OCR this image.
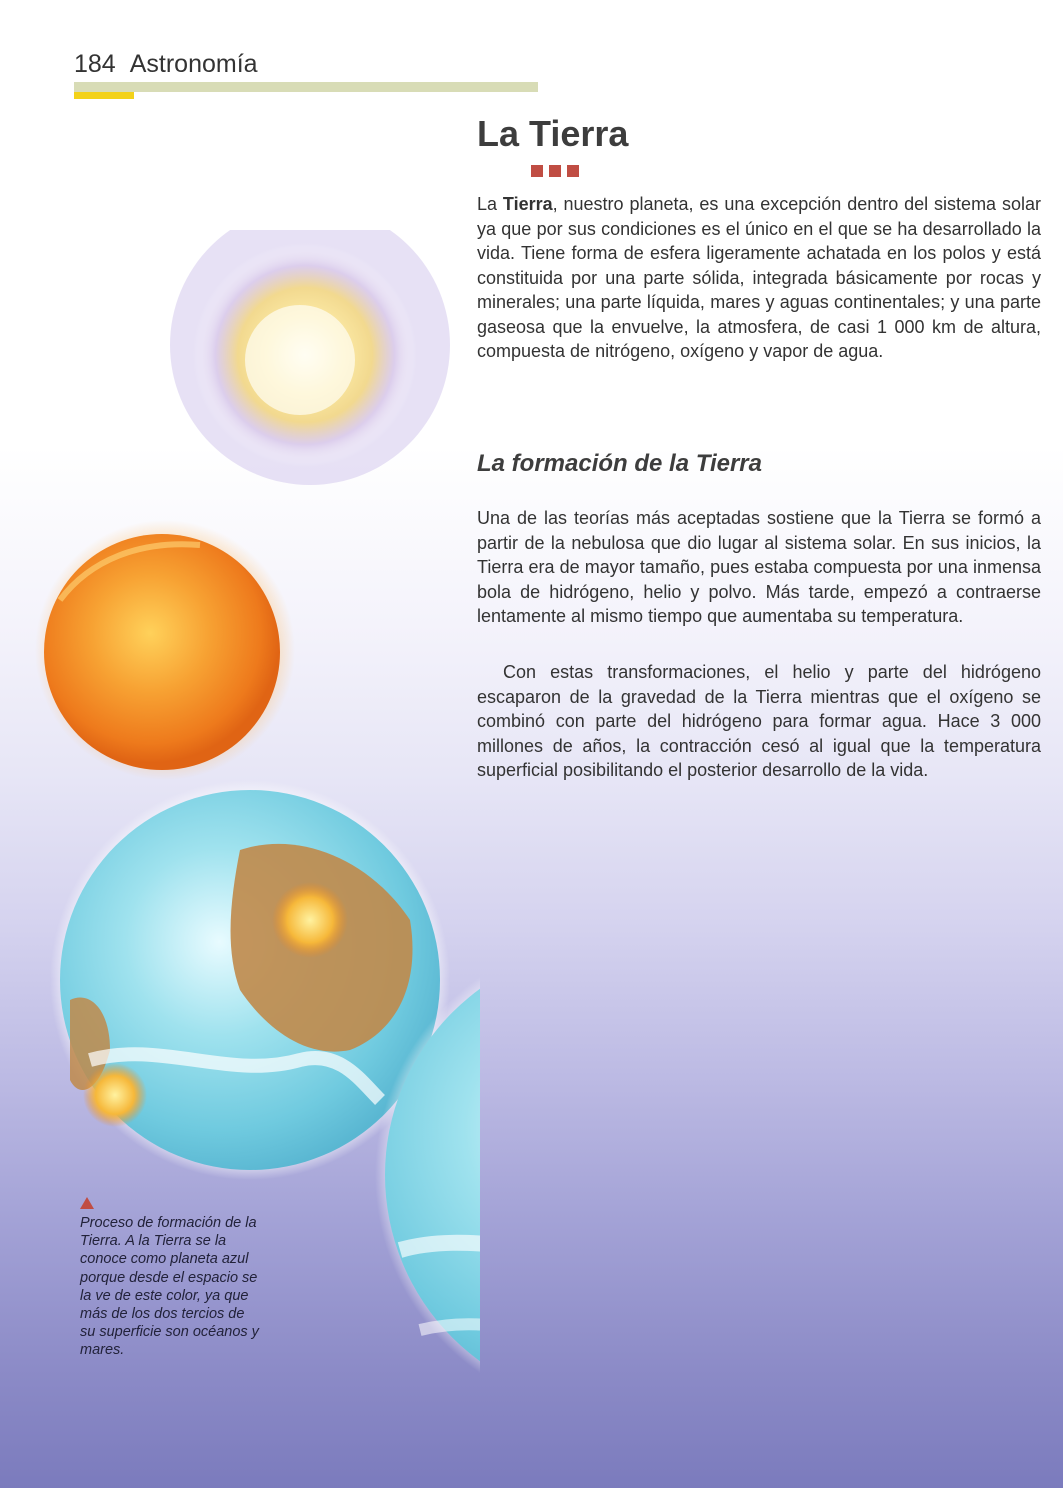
184 Astronomía
La Tierra

La Tierra, nuestro planeta, es una excepción dentro del sistema solar ya que por sus condiciones es el único en el que se ha desarrollado la vida. Tiene forma de esfera ligeramente achatada en los polos y está constituida por una parte sólida, integrada básicamente por rocas y minerales; una parte líquida, mares y aguas continentales; y una parte gaseosa que la envuelve, la atmosfera, de casi 1 000 km de altura, compuesta de nitrógeno, oxígeno y vapor de agua.

La formación de la Tierra

Una de las teorías más aceptadas sostiene que la Tierra se formó a partir de la nebulosa que dio lugar al sistema solar. En sus inicios, la Tierra era de mayor tamaño, pues estaba compuesta por una inmensa bola de hidrógeno, helio y polvo. Más tarde, empezó a contraerse lentamente al mismo tiempo que aumentaba su temperatura.

Con estas transformaciones, el helio y parte del hidrógeno escaparon de la gravedad de la Tierra mientras que el oxígeno se combinó con parte del hidrógeno para formar agua. Hace 3 000 millones de años, la contracción cesó al igual que la temperatura superficial posibilitando el posterior desarrollo de la vida.

Proceso de formación de la Tierra. A la Tierra se la conoce como planeta azul porque desde el espacio se la ve de este color, ya que más de los dos tercios de su superficie son océanos y mares.
